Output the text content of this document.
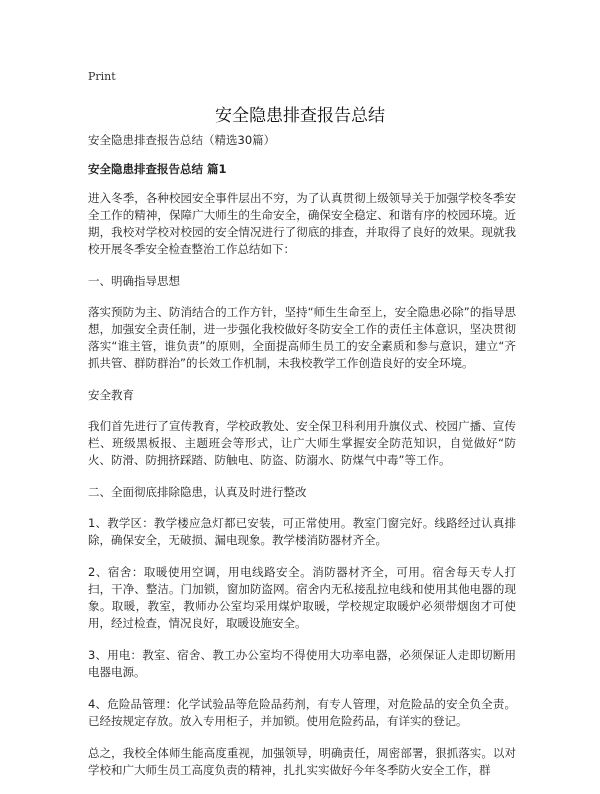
Print
安全隐患排查报告总结

安全隐患排查报告总结（精选30篇）

安全隐患排查报告总结 篇1

进入冬季，各种校园安全事件层出不穷，为了认真贯彻上级领导关于加强学校冬季安全工作的精神，保障广大师生的生命安全，确保安全稳定、和谐有序的校园环境。近期，我校对学校对校园的安全情况进行了彻底的排查，并取得了良好的效果。现就我校开展冬季安全检查整治工作总结如下：

一、明确指导思想

落实预防为主、防消结合的工作方针，坚持“师生生命至上，安全隐患必除”的指导思想，加强安全责任制，进一步强化我校做好冬防安全工作的责任主体意识，坚决贯彻落实“谁主管，谁负责”的原则，全面提高师生员工的安全素质和参与意识，建立“齐抓共管、群防群治”的长效工作机制，未我校教学工作创造良好的安全环境。

安全教育

我们首先进行了宣传教育，学校政教处、安全保卫科利用升旗仪式、校园广播、宣传栏、班级黑板报、主题班会等形式，让广大师生掌握安全防范知识，自觉做好“防火、防滑、防拥挤踩踏、防触电、防盗、防溺水、防煤气中毒”等工作。

二、全面彻底排除隐患，认真及时进行整改

1、教学区：教学楼应急灯都已安装，可正常使用。教室门窗完好。线路经过认真排除，确保安全，无破损、漏电现象。教学楼消防器材齐全。

2、宿舍：取暖使用空调，用电线路安全。消防器材齐全，可用。宿舍每天专人打扫，干净、整洁。门加锁，窗加防盗网。宿舍内无私接乱拉电线和使用其他电器的现象。取暖，教室，教师办公室均采用煤炉取暖，学校规定取暖炉必须带烟囱才可使用，经过检查，情况良好，取暖设施安全。

3、用电：教室、宿舍、教工办公室均不得使用大功率电器，必须保证人走即切断用电器电源。

4、危险品管理：化学试验品等危险品药剂，有专人管理，对危险品的安全负全责。已经按规定存放。放入专用柜子，并加锁。使用危险药品，有详实的登记。

总之，我校全体师生能高度重视，加强领导，明确责任，周密部署，狠抓落实。以对学校和广大师生员工高度负责的精神，扎扎实实做好今年冬季防火安全工作，群
